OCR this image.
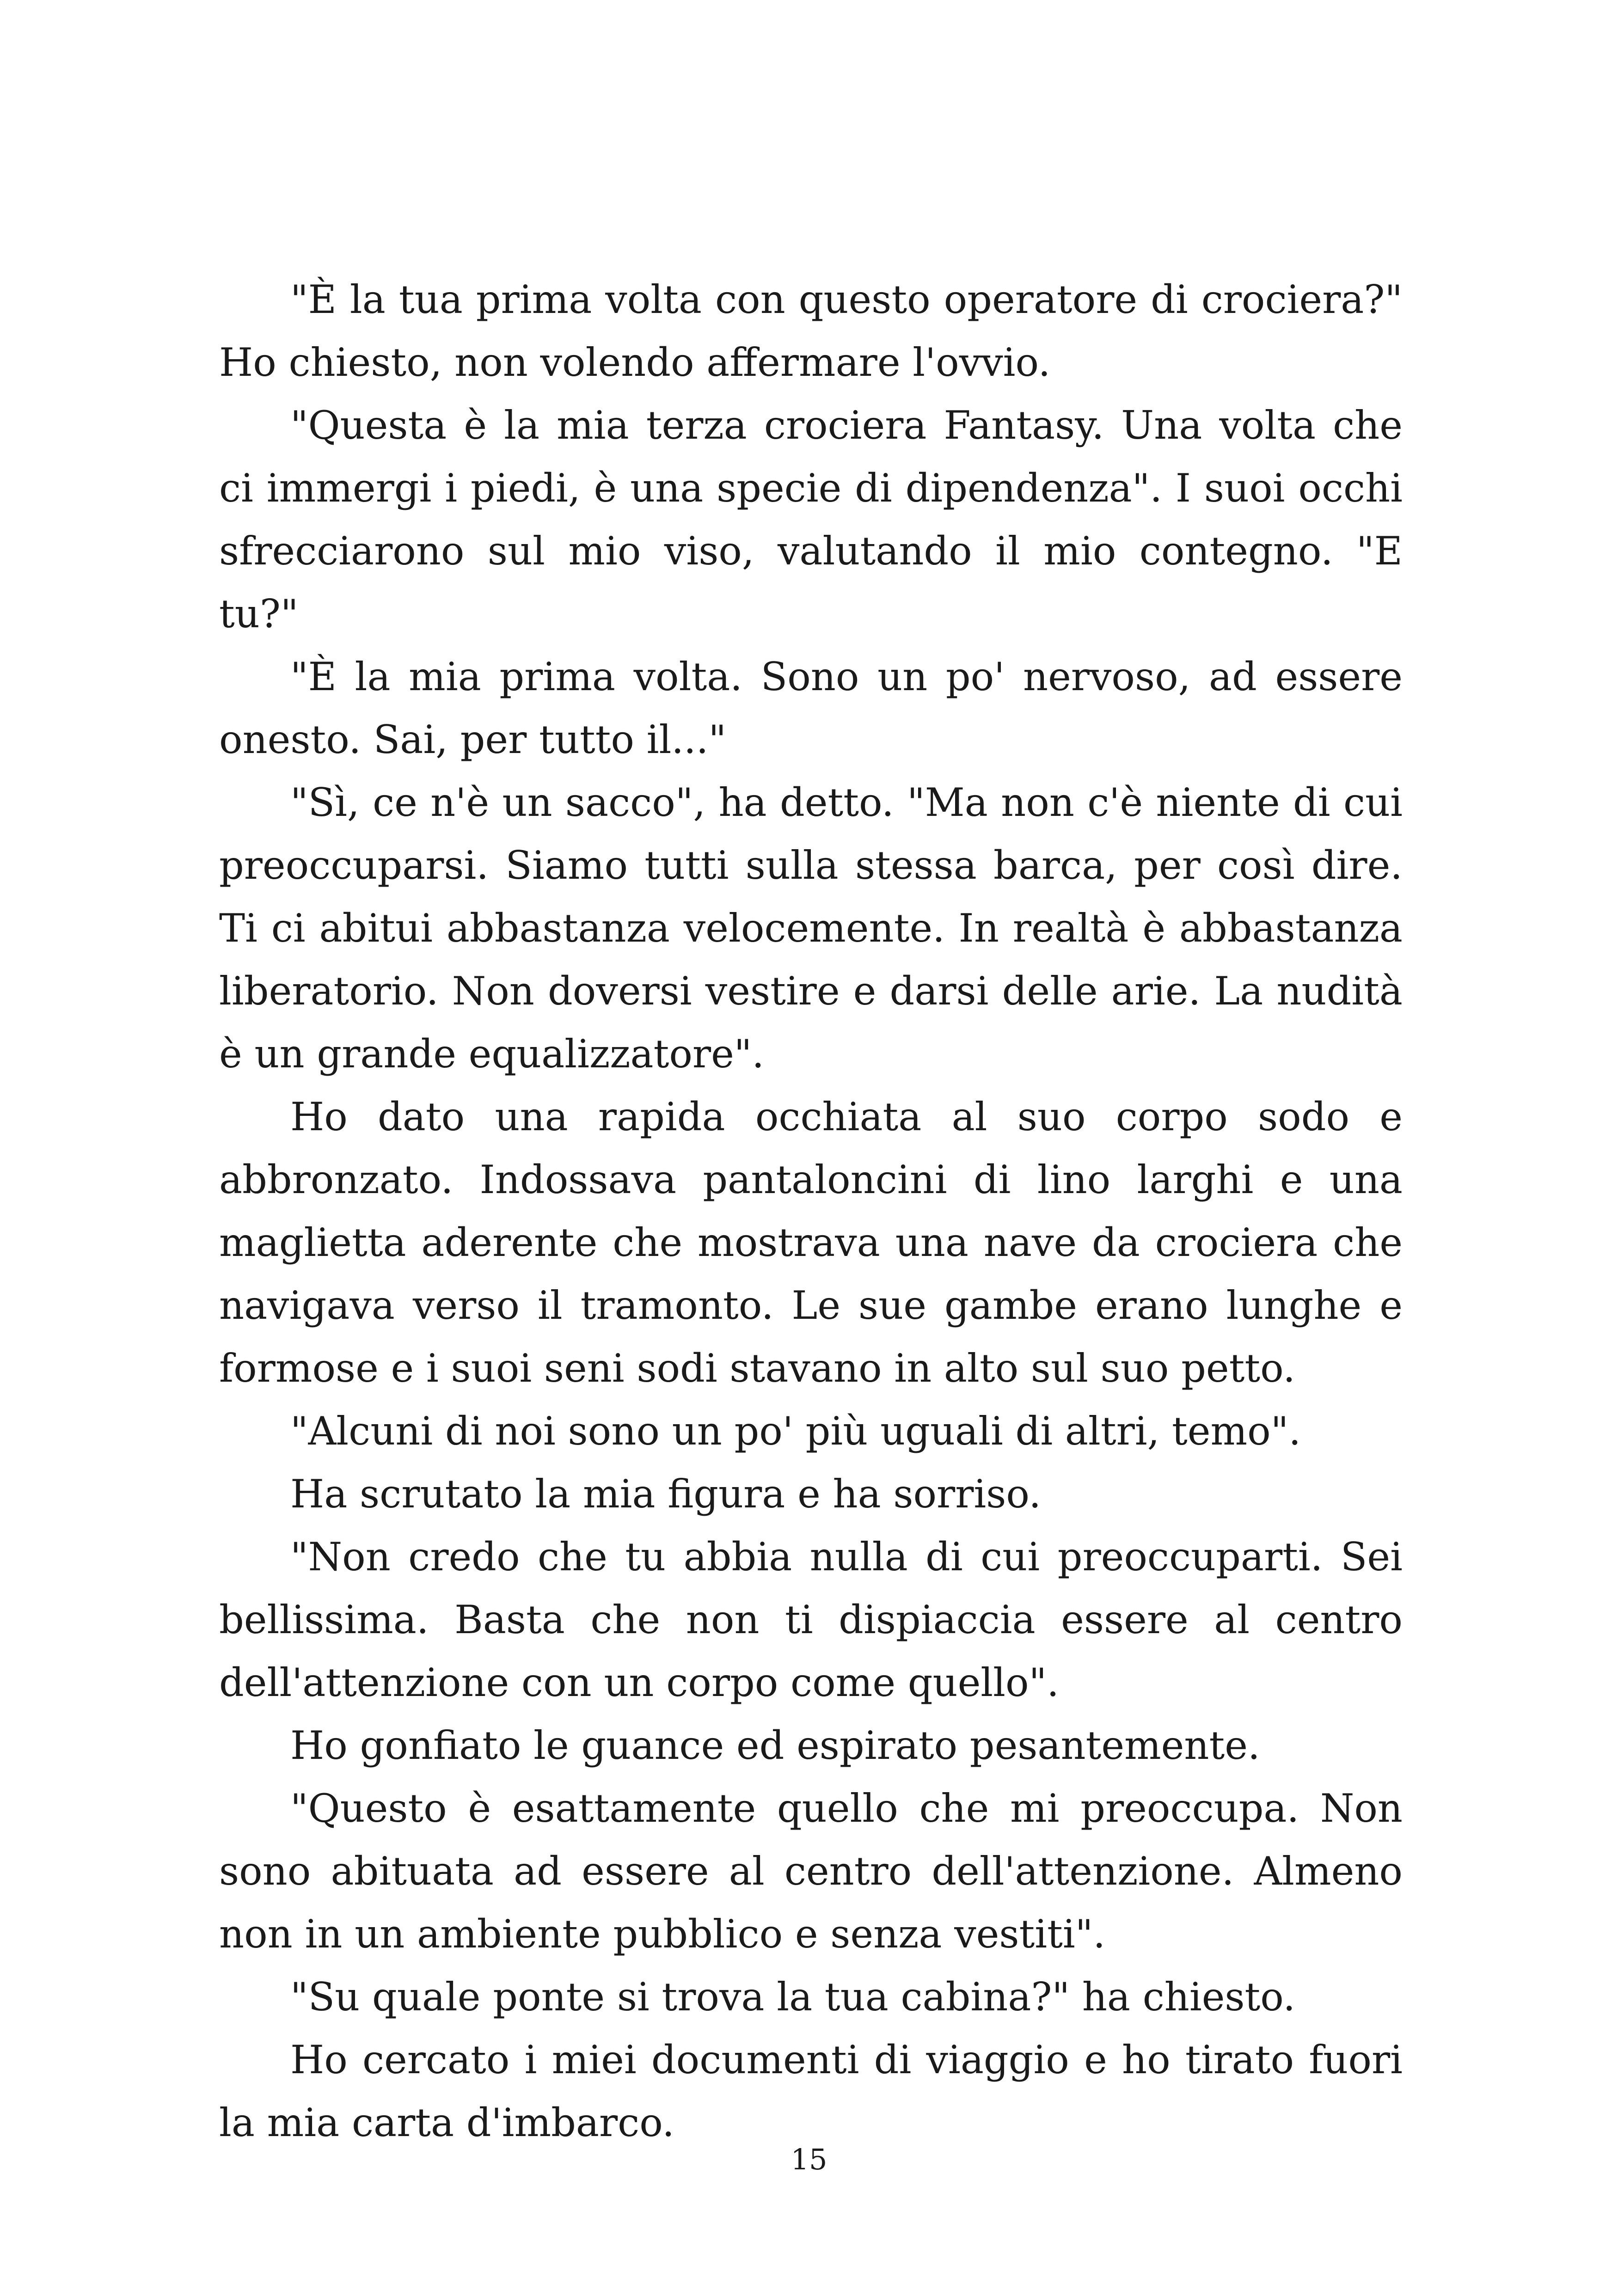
"È la tua prima volta con questo operatore di crociera?" Ho chiesto, non volendo affermare l'ovvio.

"Questa è la mia terza crociera Fantasy. Una volta che ci immergi i piedi, è una specie di dipendenza". I suoi occhi sfrecciarono sul mio viso, valutando il mio contegno. "E tu?"

"È la mia prima volta. Sono un po' nervoso, ad essere onesto. Sai, per tutto il..."

"Sì, ce n'è un sacco", ha detto. "Ma non c'è niente di cui preoccuparsi. Siamo tutti sulla stessa barca, per così dire. Ti ci abitui abbastanza velocemente. In realtà è abbastanza liberatorio. Non doversi vestire e darsi delle arie. La nudità è un grande equalizzatore".

Ho dato una rapida occhiata al suo corpo sodo e abbronzato. Indossava pantaloncini di lino larghi e una maglietta aderente che mostrava una nave da crociera che navigava verso il tramonto. Le sue gambe erano lunghe e formose e i suoi seni sodi stavano in alto sul suo petto.

"Alcuni di noi sono un po' più uguali di altri, temo".

Ha scrutato la mia figura e ha sorriso.

"Non credo che tu abbia nulla di cui preoccuparti. Sei bellissima. Basta che non ti dispiaccia essere al centro dell'attenzione con un corpo come quello".

Ho gonfiato le guance ed espirato pesantemente.

"Questo è esattamente quello che mi preoccupa. Non sono abituata ad essere al centro dell'attenzione. Almeno non in un ambiente pubblico e senza vestiti".

"Su quale ponte si trova la tua cabina?" ha chiesto.

Ho cercato i miei documenti di viaggio e ho tirato fuori la mia carta d'imbarco.

15
